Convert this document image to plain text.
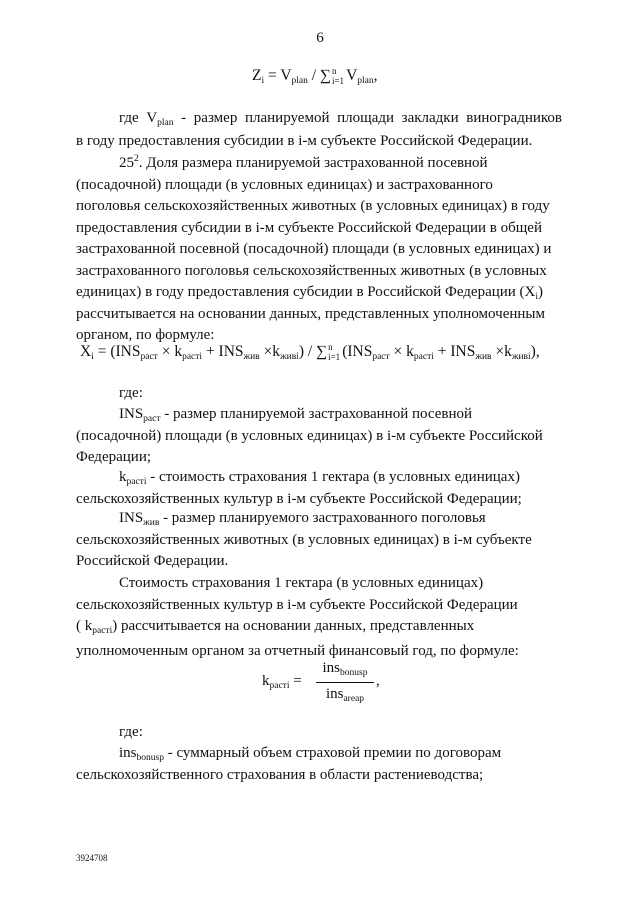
6
$Z_i = V_{plan}$ / ∑ n
i=1 $V_{plan}$,
где $V_{plan}$ - размер планируемой площади закладки виноградников
в году предоставления субсидии в i-м субъекте Российской Федерации.
$25^2$. Доля размера планируемой застрахованной посевной
(посадочной) площади (в условных единицах) и застрахованного
поголовья сельскохозяйственных животных (в условных единицах) в году
предоставления субсидии в i-м субъекте Российской Федерации в общей
застрахованной посевной (посадочной) площади (в условных единицах) и
застрахованного поголовья сельскохозяйственных животных (в условных
единицах) в году предоставления субсидии в Российской Федерации $(X_i)$
рассчитывается на основании данных, представленных уполномоченным
органом, по формуле:
$X_i = (INS_{раст} \times k_{растi} + INS_{жив} \times k_{живi})$ / ∑ n
i=1 $(INS_{раст} \times k_{растi} + INS_{жив} \times k_{живi})$,
где:
$INS_{раст}$ - размер планируемой застрахованной посевной
(посадочной) площади (в условных единицах) в i-м субъекте Российской
Федерации;
$k_{растi}$ - стоимость страхования 1 гектара (в условных единицах)
сельскохозяйственных культур в i-м субъекте Российской Федерации;
$INS_{жив}$ - размер планируемого застрахованного поголовья
сельскохозяйственных животных (в условных единицах) в i-м субъекте
Российской Федерации.
Стоимость страхования 1 гектара (в условных единицах)
сельскохозяйственных культур в i-м субъекте Российской Федерации
( $k_{растi}$) рассчитывается на основании данных, представленных
уполномоченным органом за отчетный финансовый год, по формуле:
$k_{растi}$ =
ins$_{bonusp}$
ins$_{areap}$
,
где:
ins$_{bonusp}$ - суммарный объем страховой премии по договорам
сельскохозяйственного страхования в области растениеводства;
3924708
